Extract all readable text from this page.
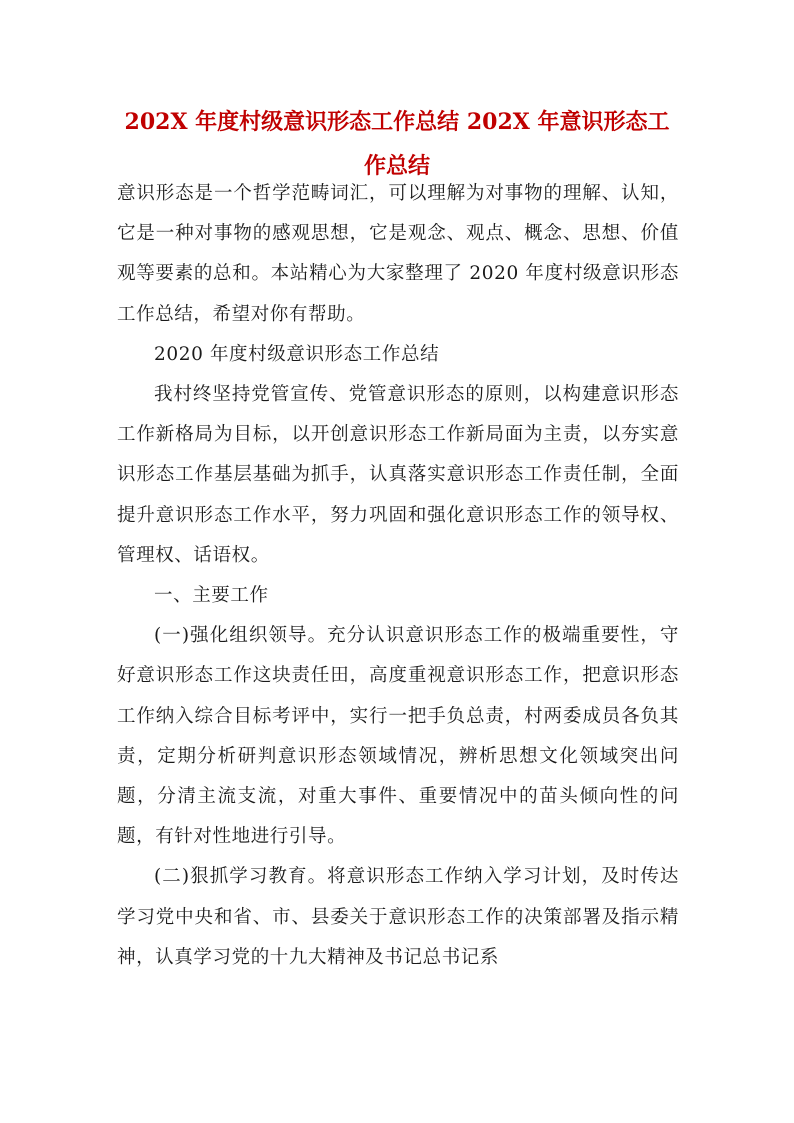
202X 年度村级意识形态工作总结 202X 年意识形态工
作总结

意识形态是一个哲学范畴词汇，可以理解为对事物的理解、认知，它是一种对事物的感观思想，它是观念、观点、概念、思想、价值观等要素的总和。本站精心为大家整理了 2020 年度村级意识形态工作总结，希望对你有帮助。

2020 年度村级意识形态工作总结

我村终坚持党管宣传、党管意识形态的原则，以构建意识形态工作新格局为目标，以开创意识形态工作新局面为主责，以夯实意识形态工作基层基础为抓手，认真落实意识形态工作责任制，全面提升意识形态工作水平，努力巩固和强化意识形态工作的领导权、管理权、话语权。

一、主要工作

(一)强化组织领导。充分认识意识形态工作的极端重要性，守好意识形态工作这块责任田，高度重视意识形态工作，把意识形态工作纳入综合目标考评中，实行一把手负总责，村两委成员各负其责，定期分析研判意识形态领域情况，辨析思想文化领域突出问题，分清主流支流，对重大事件、重要情况中的苗头倾向性的问题，有针对性地进行引导。

(二)狠抓学习教育。将意识形态工作纳入学习计划，及时传达学习党中央和省、市、县委关于意识形态工作的决策部署及指示精神，认真学习党的十九大精神及书记总书记系
